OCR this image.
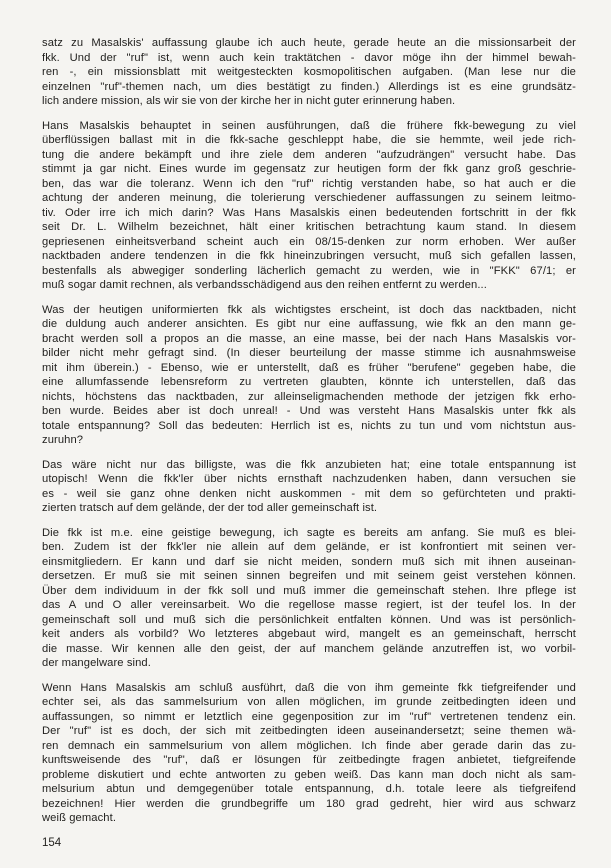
satz zu Masalskis' auffassung glaube ich auch heute, gerade heute an die missionsarbeit der
fkk. Und der "ruf" ist, wenn auch kein traktätchen - davor möge ihn der himmel bewah-
ren -, ein missionsblatt mit weitgesteckten kosmopolitischen aufgaben. (Man lese nur die
einzelnen "ruf"-themen nach, um dies bestätigt zu finden.) Allerdings ist es eine grundsätz-
lich andere mission, als wir sie von der kirche her in nicht guter erinnerung haben.

Hans Masalskis behauptet in seinen ausführungen, daß die frühere fkk-bewegung zu viel
überflüssigen ballast mit in die fkk-sache geschleppt habe, die sie hemmte, weil jede rich-
tung die andere bekämpft und ihre ziele dem anderen "aufzudrängen" versucht habe. Das
stimmt ja gar nicht. Eines wurde im gegensatz zur heutigen form der fkk ganz groß geschrie-
ben, das war die toleranz. Wenn ich den "ruf" richtig verstanden habe, so hat auch er die
achtung der anderen meinung, die tolerierung verschiedener auffassungen zu seinem leitmo-
tiv. Oder irre ich mich darin? Was Hans Masalskis einen bedeutenden fortschritt in der fkk
seit Dr. L. Wilhelm bezeichnet, hält einer kritischen betrachtung kaum stand. In diesem
gepriesenen einheitsverband scheint auch ein 08/15-denken zur norm erhoben. Wer außer
nacktbaden andere tendenzen in die fkk hineinzubringen versucht, muß sich gefallen lassen,
bestenfalls als abwegiger sonderling lächerlich gemacht zu werden, wie in "FKK" 67/1; er
muß sogar damit rechnen, als verbandsschädigend aus den reihen entfernt zu werden...

Was der heutigen uniformierten fkk als wichtigstes erscheint, ist doch das nacktbaden, nicht
die duldung auch anderer ansichten. Es gibt nur eine auffassung, wie fkk an den mann ge-
bracht werden soll a propos an die masse, an eine masse, bei der nach Hans Masalskis vor-
bilder nicht mehr gefragt sind. (In dieser beurteilung der masse stimme ich ausnahmsweise
mit ihm überein.) - Ebenso, wie er unterstellt, daß es früher "berufene" gegeben habe, die
eine allumfassende lebensreform zu vertreten glaubten, könnte ich unterstellen, daß das
nichts, höchstens das nacktbaden, zur alleinseligmachenden methode der jetzigen fkk erho-
ben wurde. Beides aber ist doch unreal! - Und was versteht Hans Masalskis unter fkk als
totale entspannung? Soll das bedeuten: Herrlich ist es, nichts zu tun und vom nichtstun aus-
zuruhn?

Das wäre nicht nur das billigste, was die fkk anzubieten hat; eine totale entspannung ist
utopisch! Wenn die fkk'ler über nichts ernsthaft nachzudenken haben, dann versuchen sie
es - weil sie ganz ohne denken nicht auskommen - mit dem so gefürchteten und prakti-
zierten tratsch auf dem gelände, der der tod aller gemeinschaft ist.

Die fkk ist m.e. eine geistige bewegung, ich sagte es bereits am anfang. Sie muß es blei-
ben. Zudem ist der fkk'ler nie allein auf dem gelände, er ist konfrontiert mit seinen ver-
einsmitgliedern. Er kann und darf sie nicht meiden, sondern muß sich mit ihnen auseinan-
dersetzen. Er muß sie mit seinen sinnen begreifen und mit seinem geist verstehen können.
Über dem individuum in der fkk soll und muß immer die gemeinschaft stehen. Ihre pflege ist
das A und O aller vereinsarbeit. Wo die regellose masse regiert, ist der teufel los. In der
gemeinschaft soll und muß sich die persönlichkeit entfalten können. Und was ist persönlich-
keit anders als vorbild? Wo letzteres abgebaut wird, mangelt es an gemeinschaft, herrscht
die masse. Wir kennen alle den geist, der auf manchem gelände anzutreffen ist, wo vorbil-
der mangelware sind.

Wenn Hans Masalskis am schluß ausführt, daß die von ihm gemeinte fkk tiefgreifender und
echter sei, als das sammelsurium von allen möglichen, im grunde zeitbedingten ideen und
auffassungen, so nimmt er letztlich eine gegenposition zur im "ruf" vertretenen tendenz ein.
Der "ruf" ist es doch, der sich mit zeitbedingten ideen auseinandersetzt; seine themen wä-
ren demnach ein sammelsurium von allem möglichen. Ich finde aber gerade darin das zu-
kunftsweisende des "ruf", daß er lösungen für zeitbedingte fragen anbietet, tiefgreifende
probleme diskutiert und echte antworten zu geben weiß. Das kann man doch nicht als sam-
melsurium abtun und demgegenüber totale entspannung, d.h. totale leere als tiefgreifend
bezeichnen! Hier werden die grundbegriffe um 180 grad gedreht, hier wird aus schwarz
weiß gemacht.

154
